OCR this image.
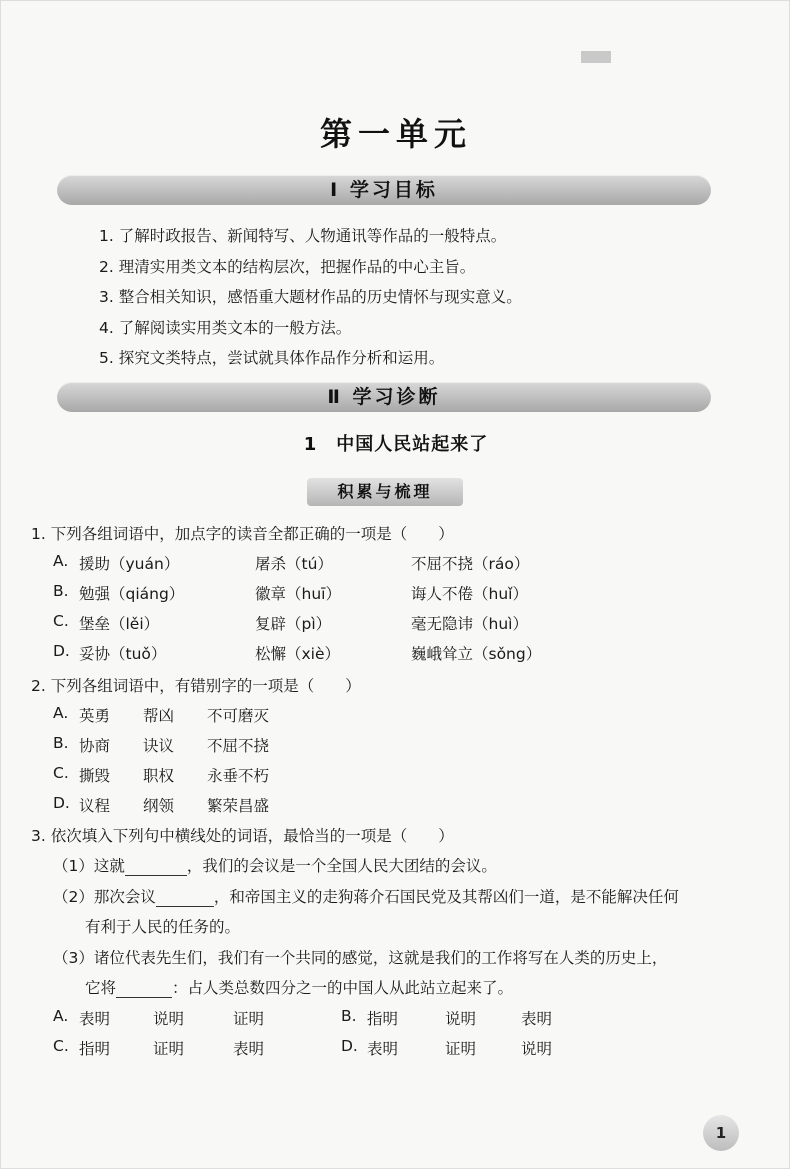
第一单元
Ⅰ 学习目标
1. 了解时政报告、新闻特写、人物通讯等作品的一般特点。
2. 理清实用类文本的结构层次，把握作品的中心主旨。
3. 整合相关知识，感悟重大题材作品的历史情怀与现实意义。
4. 了解阅读实用类文本的一般方法。
5. 探究文类特点，尝试就具体作品作分析和运用。
Ⅱ 学习诊断
1　中国人民站起来了
积累与梳理
1. 下列各组词语中，加点字的读音全都正确的一项是（　　）
A. 援助（yuán）	屠杀（tú）	不屈不挠（ráo）
B. 勉强（qiáng）	徽章（huī）	诲人不倦（huǐ）
C. 堡垒（lěi）	复辟（pì）	毫无隐讳（huì）
D. 妥协（tuǒ）	松懈（xiè）	巍峨耸立（sǒng）
2. 下列各组词语中，有错别字的一项是（　　）
A. 英勇 帮凶 不可磨灭
B. 协商 诀议 不屈不挠
C. 撕毁 职权 永垂不朽
D. 议程 纲领 繁荣昌盛
3. 依次填入下列句中横线处的词语，最恰当的一项是（　　）
（1）这就	，我们的会议是一个全国人民大团结的会议。
（2）那次会议	，和帝国主义的走狗蒋介石国民党及其帮凶们一道，是不能解决任何
有利于人民的任务的。
（3）诸位代表先生们，我们有一个共同的感觉，这就是我们的工作将写在人类的历史上，
它将	：占人类总数四分之一的中国人从此站立起来了。
A. 表明	说明	证明	B. 指明	说明	表明
C. 指明	证明	表明	D. 表明	证明	说明
1
